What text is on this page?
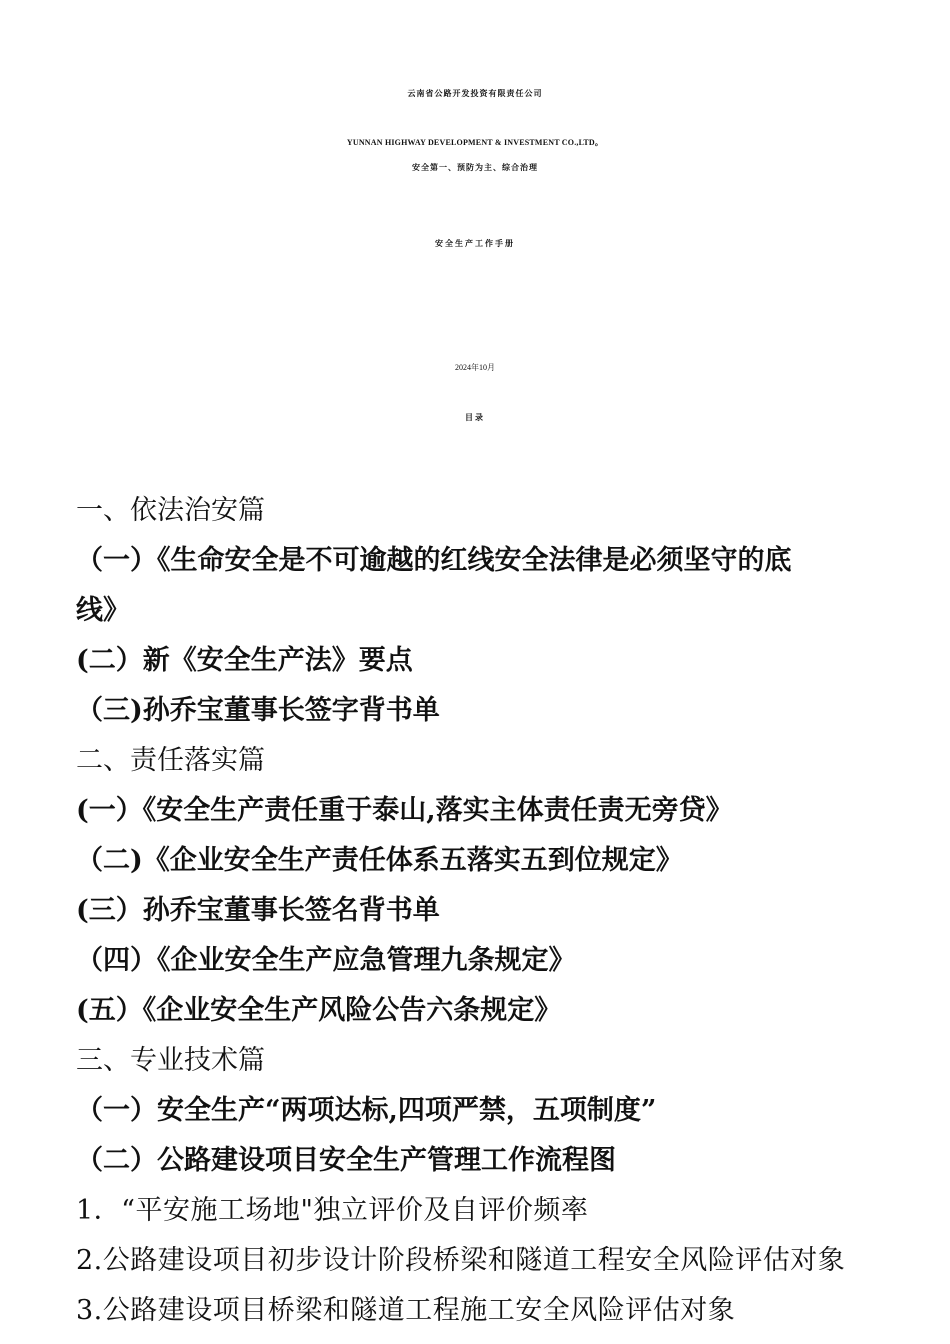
云南省公路开发投资有限责任公司
YUNNAN HIGHWAY DEVELOPMENT & INVESTMENT CO.,LTD。
安全第一、预防为主、综合治理
安全生产工作手册
2024年10月
目录
一、依法治安篇
（一）《生命安全是不可逾越的红线安全法律是必须坚守的底
线》
(二）新《安全生产法》要点
（三)孙乔宝董事长签字背书单
二、责任落实篇
(一）《安全生产责任重于泰山,落实主体责任责无旁贷》
（二)《企业安全生产责任体系五落实五到位规定》
(三）孙乔宝董事长签名背书单
（四）《企业安全生产应急管理九条规定》
(五）《企业安全生产风险公告六条规定》
三、专业技术篇
（一）安全生产“两项达标,四项严禁，五项制度”
（二）公路建设项目安全生产管理工作流程图
1．“平安施工场地"独立评价及自评价频率
2.公路建设项目初步设计阶段桥梁和隧道工程安全风险评估对象
3.公路建设项目桥梁和隧道工程施工安全风险评估对象
